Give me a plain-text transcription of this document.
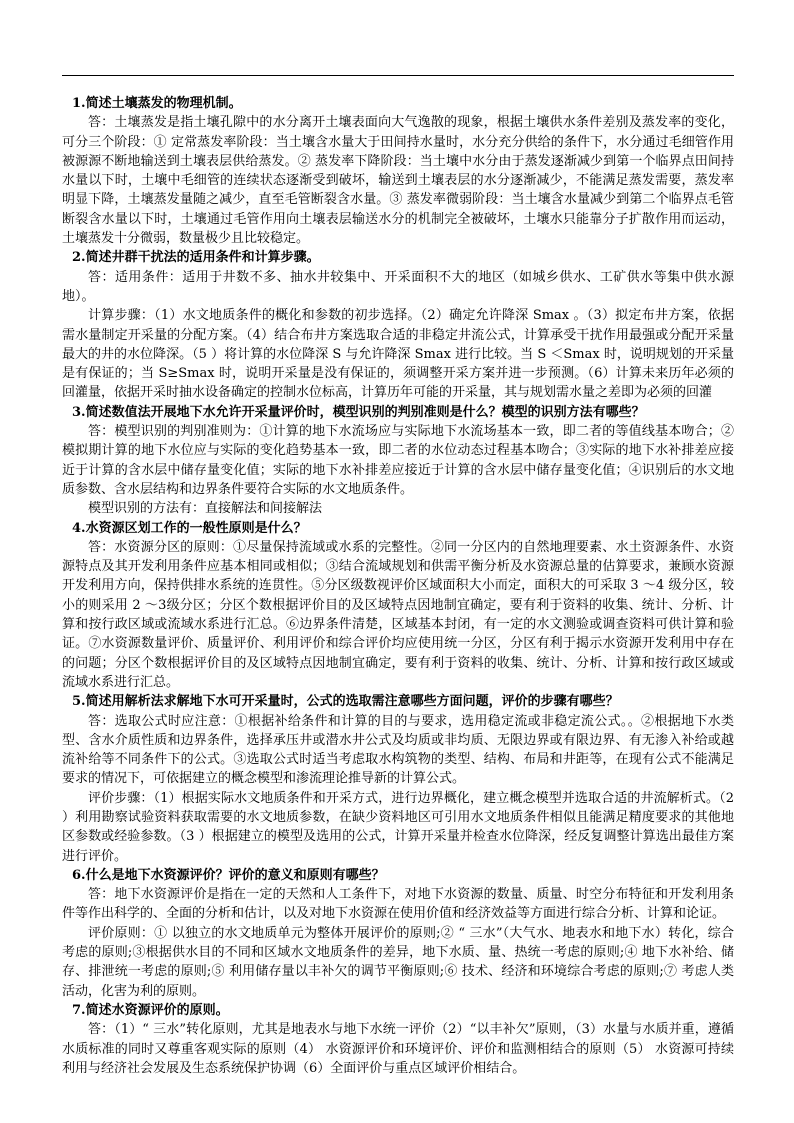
1.简述土壤蒸发的物理机制。
答：土壤蒸发是指土壤孔隙中的水分离开土壤表面向大气逸散的现象，根据土壤供水条件差别及蒸发率的变化，可分三个阶段：① 定常蒸发率阶段：当土壤含水量大于田间持水量时，水分充分供给的条件下，水分通过毛细管作用被源源不断地输送到土壤表层供给蒸发。② 蒸发率下降阶段：当土壤中水分由于蒸发逐渐减少到第一个临界点田间持水量以下时，土壤中毛细管的连续状态逐渐受到破坏，输送到土壤表层的水分逐渐减少，不能满足蒸发需要，蒸发率明显下降，土壤蒸发量随之减少，直至毛管断裂含水量。③ 蒸发率微弱阶段：当土壤含水量减少到第二个临界点毛管断裂含水量以下时，土壤通过毛管作用向土壤表层输送水分的机制完全被破坏，土壤水只能靠分子扩散作用而运动，土壤蒸发十分微弱，数量极少且比较稳定。
2.简述井群干扰法的适用条件和计算步骤。
答：适用条件：适用于井数不多、抽水井较集中、开采面积不大的地区（如城乡供水、工矿供水等集中供水源地）。
计算步骤：（1）水文地质条件的概化和参数的初步选择。（2）确定允许降深 Smax 。（3）拟定布井方案，依据需水量制定开采量的分配方案。（4）结合布井方案选取合适的非稳定井流公式，计算承受干扰作用最强或分配开采量最大的井的水位降深。（5 ）将计算的水位降深 S 与允许降深 Smax 进行比较。当 S ＜Smax 时，说明规划的开采量是有保证的；当 S≥Smax 时，说明开采量是没有保证的，须调整开采方案并进一步预测。（6）计算未来历年必须的回灌量，依据开采时抽水设备确定的控制水位标高，计算历年可能的开采量，其与规划需水量之差即为必须的回灌
3.简述数值法开展地下水允许开采量评价时，模型识别的判别准则是什么？模型的识别方法有哪些？
答：模型识别的判别准则为：①计算的地下水流场应与实际地下水流场基本一致，即二者的等值线基本吻合；②模拟期计算的地下水位应与实际的变化趋势基本一致，即二者的水位动态过程基本吻合；③实际的地下水补排差应接近于计算的含水层中储存量变化值；实际的地下水补排差应接近于计算的含水层中储存量变化值；④识别后的水文地质参数、含水层结构和边界条件要符合实际的水文地质条件。
模型识别的方法有：直接解法和间接解法
4.水资源区划工作的一般性原则是什么？
答：水资源分区的原则：①尽量保持流域或水系的完整性。②同一分区内的自然地理要素、水土资源条件、水资源特点及其开发利用条件应基本相同或相似；③结合流域规划和供需平衡分析及水资源总量的估算要求，兼顾水资源开发利用方向，保持供排水系统的连贯性。⑤分区级数视评价区域面积大小而定，面积大的可采取 3 ～4 级分区，较小的则采用 2 ～3级分区；分区个数根据评价目的及区域特点因地制宜确定，要有利于资料的收集、统计、分析、计算和按行政区域或流域水系进行汇总。⑥边界条件清楚，区域基本封闭，有一定的水文测验或调查资料可供计算和验证。⑦水资源数量评价、质量评价、利用评价和综合评价均应使用统一分区，分区有利于揭示水资源开发利用中存在的问题；分区个数根据评价目的及区域特点因地制宜确定，要有利于资料的收集、统计、分析、计算和按行政区域或流域水系进行汇总。
5.简述用解析法求解地下水可开采量时，公式的选取需注意哪些方面问题，评价的步骤有哪些？
答：选取公式时应注意：①根据补给条件和计算的目的与要求，选用稳定流或非稳定流公式。。②根据地下水类型、含水介质性质和边界条件，选择承压井或潜水井公式及均质或非均质、无限边界或有限边界、有无渗入补给或越流补给等不同条件下的公式。③选取公式时适当考虑取水构筑物的类型、结构、布局和井距等，在现有公式不能满足要求的情况下，可依据建立的概念模型和渗流理论推导新的计算公式。
评价步骤：（1）根据实际水文地质条件和开采方式，进行边界概化，建立概念模型并选取合适的井流解析式。（2 ）利用勘察试验资料获取需要的水文地质参数，在缺少资料地区可引用水文地质条件相似且能满足精度要求的其他地区参数或经验参数。（3 ）根据建立的模型及选用的公式，计算开采量并检查水位降深，经反复调整计算选出最佳方案进行评价。
6.什么是地下水资源评价？评价的意义和原则有哪些？
答：地下水资源评价是指在一定的天然和人工条件下，对地下水资源的数量、质量、时空分布特征和开发利用条件等作出科学的、全面的分析和估计，以及对地下水资源在使用价值和经济效益等方面进行综合分析、计算和论证。
评价原则：① 以独立的水文地质单元为整体开展评价的原则;② “ 三水”（大气水、地表水和地下水）转化，综合考虑的原则;③根据供水目的不同和区域水文地质条件的差异，地下水质、量、热统一考虑的原则;④ 地下水补给、储存、排泄统一考虑的原则;⑤ 利用储存量以丰补欠的调节平衡原则;⑥ 技术、经济和环境综合考虑的原则;⑦ 考虑人类活动，化害为利的原则。
7.简述水资源评价的原则。
答：（1）“ 三水”转化原则，尤其是地表水与地下水统一评价（2）“以丰补欠”原则，（3）水量与水质并重，遵循水质标准的同时又尊重客观实际的原则（4） 水资源评价和环境评价、评价和监测相结合的原则（5） 水资源可持续利用与经济社会发展及生态系统保护协调（6）全面评价与重点区域评价相结合。
